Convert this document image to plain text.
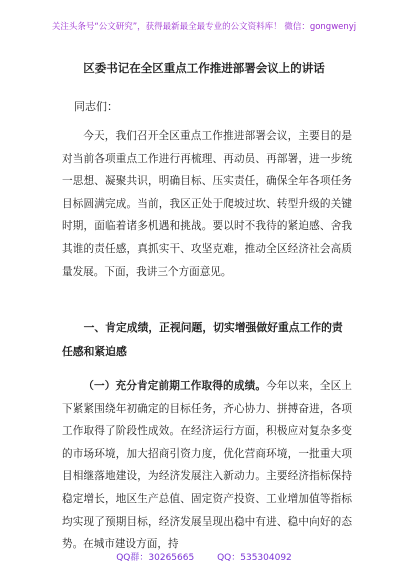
关注头条号“公文研究”，获得最新最全最专业的公文资料库！ 微信：gongwenyj
区委书记在全区重点工作推进部署会议上的讲话
同志们：
今天，我们召开全区重点工作推进部署会议，主要目的是对当前各项重点工作进行再梳理、再动员、再部署，进一步统一思想、凝聚共识，明确目标、压实责任，确保全年各项任务目标圆满完成。当前，我区正处于爬坡过坎、转型升级的关键时期，面临着诸多机遇和挑战。要以时不我待的紧迫感、舍我其谁的责任感，真抓实干、攻坚克难，推动全区经济社会高质量发展。下面，我讲三个方面意见。
一、肯定成绩，正视问题，切实增强做好重点工作的责任感和紧迫感
（一）充分肯定前期工作取得的成绩。今年以来，全区上下紧紧围绕年初确定的目标任务，齐心协力、拼搏奋进，各项工作取得了阶段性成效。在经济运行方面，积极应对复杂多变的市场环境，加大招商引资力度，优化营商环境，一批重大项目相继落地建设，为经济发展注入新动力。主要经济指标保持稳定增长，地区生产总值、固定资产投资、工业增加值等指标均实现了预期目标，经济发展呈现出稳中有进、稳中向好的态势。在城市建设方面，持
QQ群：30265665	QQ：535304092
